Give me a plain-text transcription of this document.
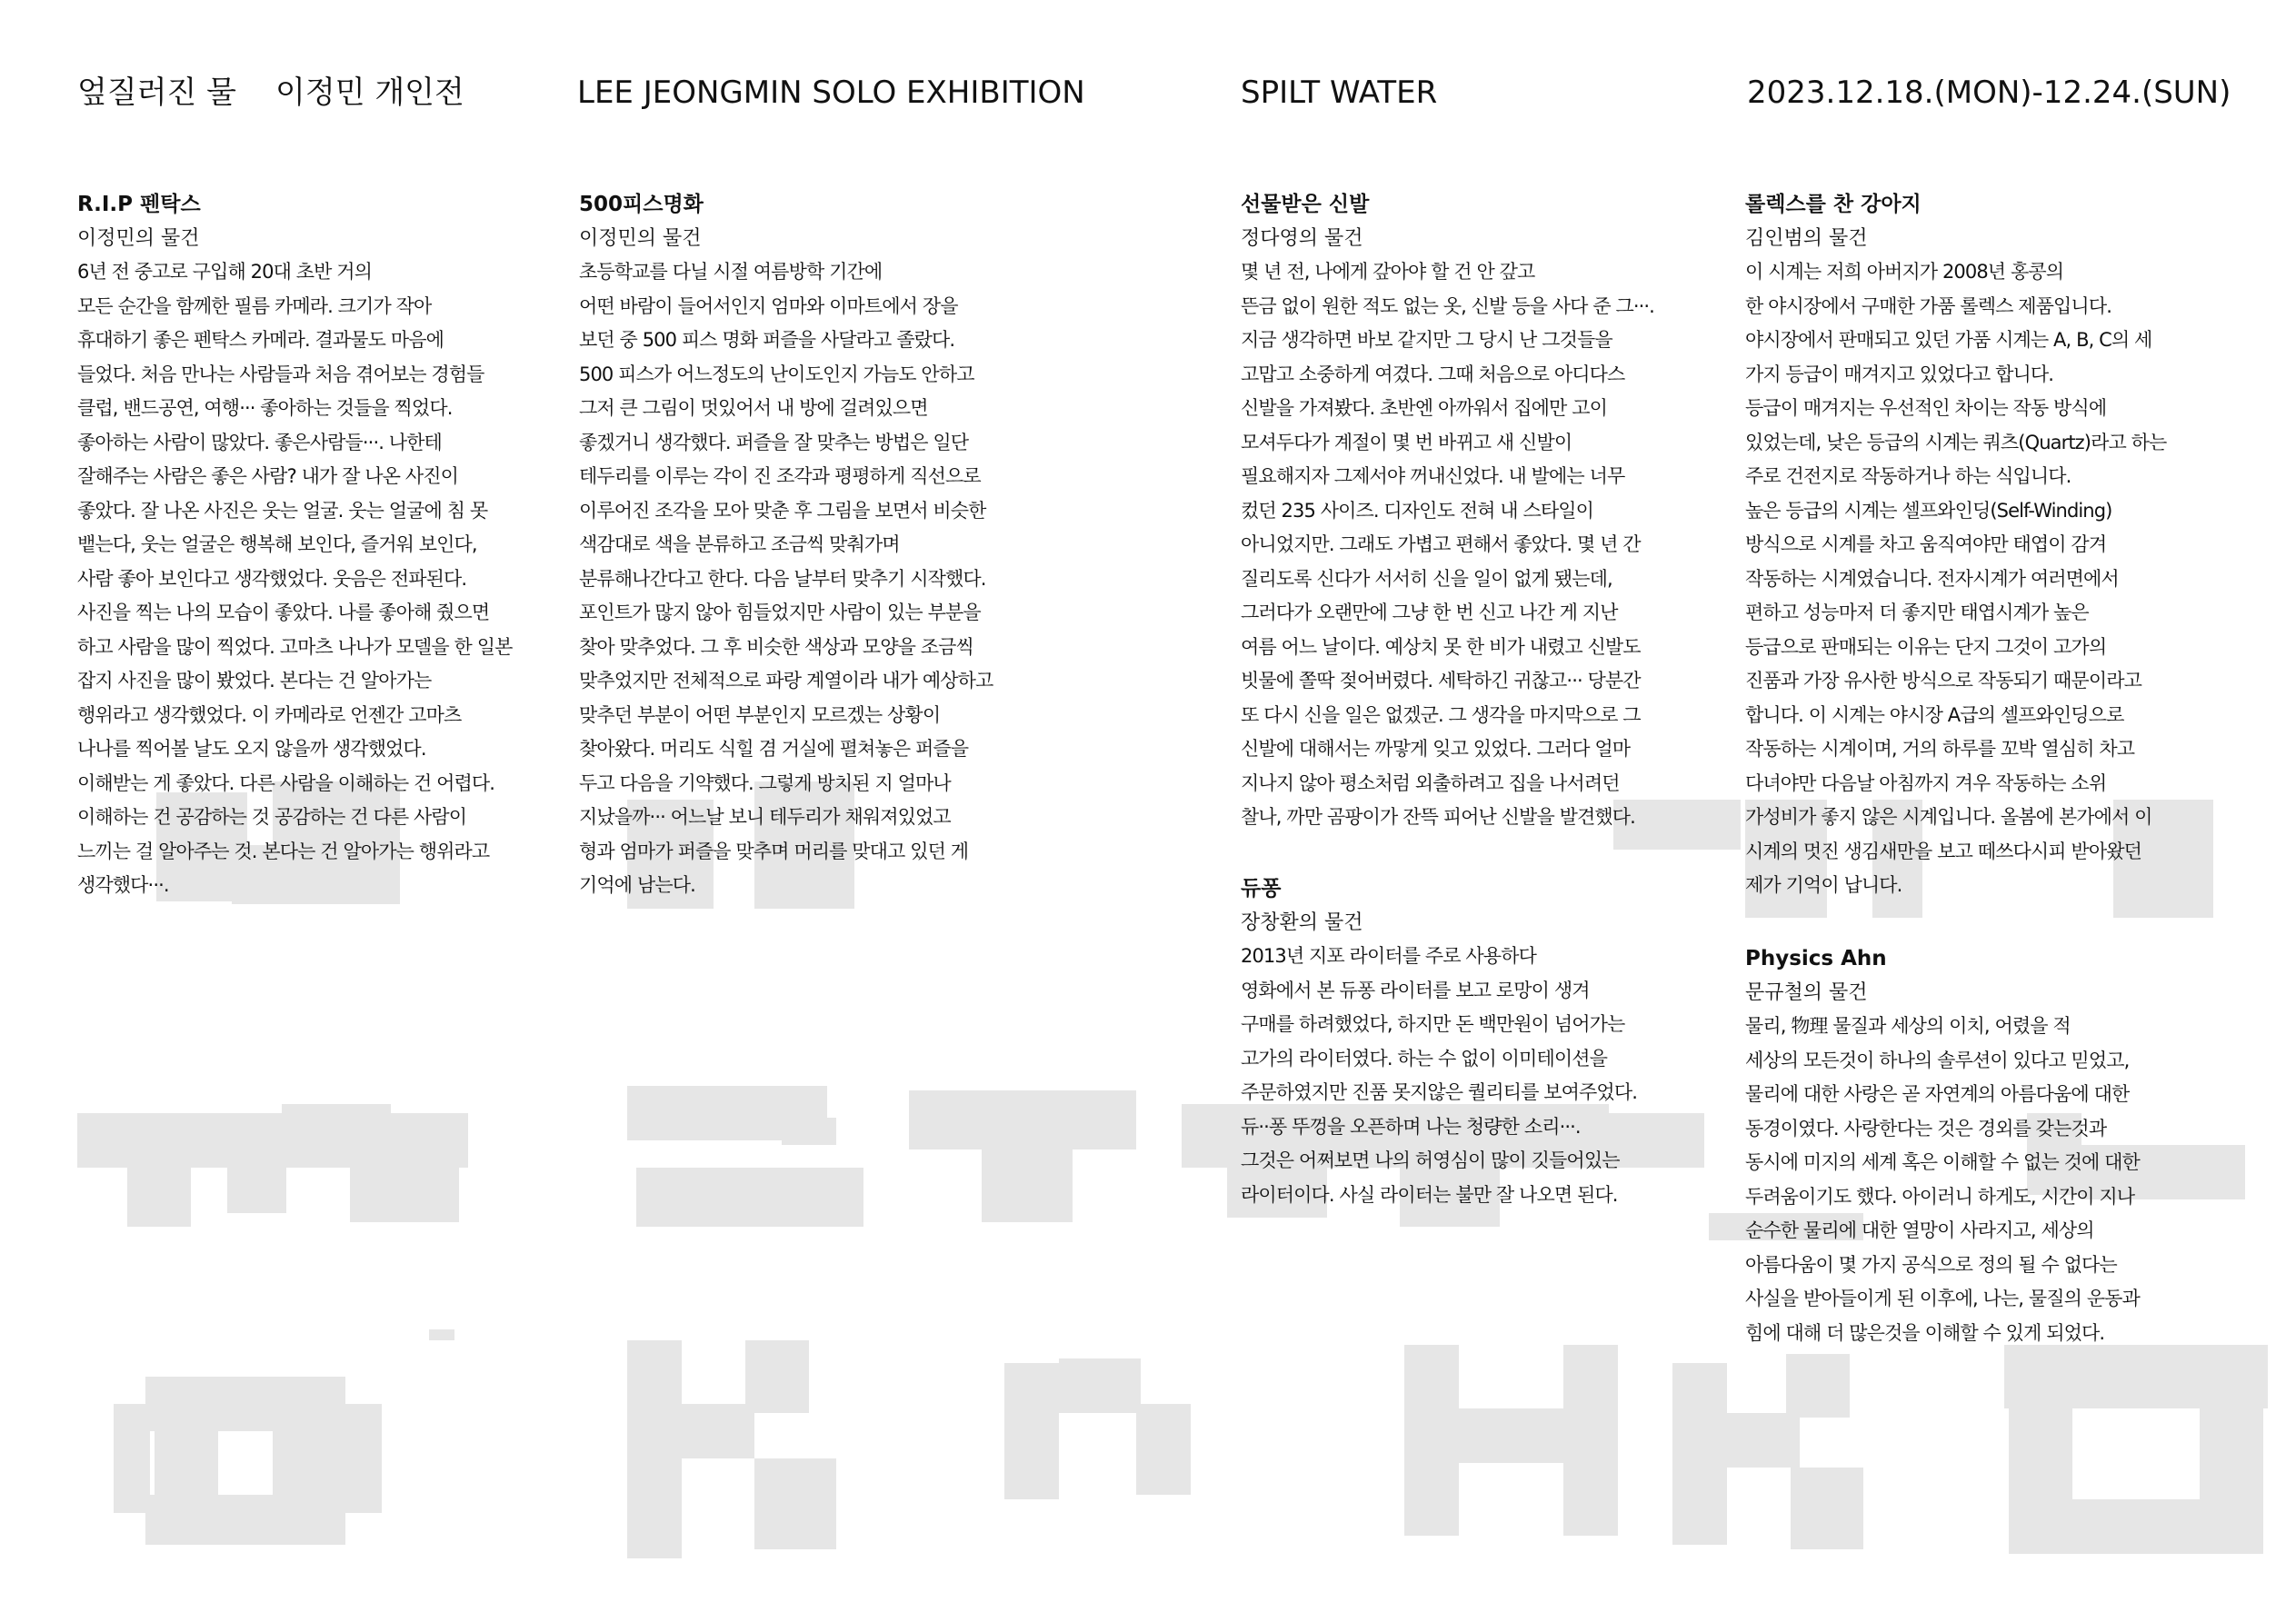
엎질러진 물 이정민 개인전	LEE JEONGMIN SOLO EXHIBITION	SPILT WATER	2023.12.18.(MON)-12.24.(SUN)

R.I.P 펜탁스

이정민의 물건

6년 전 중고로 구입해 20대 초반 거의
모든 순간을 함께한 필름 카메라. 크기가 작아
휴대하기 좋은 펜탁스 카메라. 결과물도 마음에
들었다. 처음 만나는 사람들과 처음 겪어보는 경험들
클럽, 밴드공연, 여행··· 좋아하는 것들을 찍었다.
좋아하는 사람이 많았다. 좋은사람들···. 나한테
잘해주는 사람은 좋은 사람? 내가 잘 나온 사진이
좋았다. 잘 나온 사진은 웃는 얼굴. 웃는 얼굴에 침 못
뱉는다, 웃는 얼굴은 행복해 보인다, 즐거워 보인다,
사람 좋아 보인다고 생각했었다. 웃음은 전파된다.
사진을 찍는 나의 모습이 좋았다. 나를 좋아해 줬으면
하고 사람을 많이 찍었다. 고마츠 나나가 모델을 한 일본
잡지 사진을 많이 봤었다. 본다는 건 알아가는
행위라고 생각했었다. 이 카메라로 언젠간 고마츠
나나를 찍어볼 날도 오지 않을까 생각했었다.
이해받는 게 좋았다. 다른 사람을 이해하는 건 어렵다.
이해하는 건 공감하는 것 공감하는 건 다른 사람이
느끼는 걸 알아주는 것. 본다는 건 알아가는 행위라고
생각했다···.

500피스명화

이정민의 물건

초등학교를 다닐 시절 여름방학 기간에
어떤 바람이 들어서인지 엄마와 이마트에서 장을
보던 중 500 피스 명화 퍼즐을 사달라고 졸랐다.
500 피스가 어느정도의 난이도인지 가늠도 안하고
그저 큰 그림이 멋있어서 내 방에 걸려있으면
좋겠거니 생각했다. 퍼즐을 잘 맞추는 방법은 일단
테두리를 이루는 각이 진 조각과 평평하게 직선으로
이루어진 조각을 모아 맞춘 후 그림을 보면서 비슷한
색감대로 색을 분류하고 조금씩 맞춰가며
분류해나간다고 한다. 다음 날부터 맞추기 시작했다.
포인트가 많지 않아 힘들었지만 사람이 있는 부분을
찾아 맞추었다. 그 후 비슷한 색상과 모양을 조금씩
맞추었지만 전체적으로 파랑 계열이라 내가 예상하고
맞추던 부분이 어떤 부분인지 모르겠는 상황이
찾아왔다. 머리도 식힐 겸 거실에 펼쳐놓은 퍼즐을
두고 다음을 기약했다. 그렇게 방치된 지 얼마나
지났을까··· 어느날 보니 테두리가 채워져있었고
형과 엄마가 퍼즐을 맞추며 머리를 맞대고 있던 게
기억에 남는다.

선물받은 신발

정다영의 물건

몇 년 전, 나에게 갚아야 할 건 안 갚고
뜬금 없이 원한 적도 없는 옷, 신발 등을 사다 준 그···.
지금 생각하면 바보 같지만 그 당시 난 그것들을
고맙고 소중하게 여겼다. 그때 처음으로 아디다스
신발을 가져봤다. 초반엔 아까워서 집에만 고이
모셔두다가 계절이 몇 번 바뀌고 새 신발이
필요해지자 그제서야 꺼내신었다. 내 발에는 너무
컸던 235 사이즈. 디자인도 전혀 내 스타일이
아니었지만. 그래도 가볍고 편해서 좋았다. 몇 년 간
질리도록 신다가 서서히 신을 일이 없게 됐는데,
그러다가 오랜만에 그냥 한 번 신고 나간 게 지난
여름 어느 날이다. 예상치 못 한 비가 내렸고 신발도
빗물에 쫄딱 젖어버렸다. 세탁하긴 귀찮고··· 당분간
또 다시 신을 일은 없겠군. 그 생각을 마지막으로 그
신발에 대해서는 까맣게 잊고 있었다. 그러다 얼마
지나지 않아 평소처럼 외출하려고 집을 나서려던
찰나, 까만 곰팡이가 잔뜩 피어난 신발을 발견했다.

듀퐁

장창환의 물건

2013년 지포 라이터를 주로 사용하다
영화에서 본 듀퐁 라이터를 보고 로망이 생겨
구매를 하려했었다, 하지만 돈 백만원이 넘어가는
고가의 라이터였다. 하는 수 없이 이미테이션을
주문하였지만 진품 못지않은 퀄리티를 보여주었다.
듀··퐁 뚜껑을 오픈하며 나는 청량한 소리···.
그것은 어쩌보면 나의 허영심이 많이 깃들어있는
라이터이다. 사실 라이터는 불만 잘 나오면 된다.

롤렉스를 찬 강아지

김인범의 물건

이 시계는 저희 아버지가 2008년 홍콩의
한 야시장에서 구매한 가품 롤렉스 제품입니다.
야시장에서 판매되고 있던 가품 시계는 A, B, C의 세
가지 등급이 매겨지고 있었다고 합니다.
등급이 매겨지는 우선적인 차이는 작동 방식에
있었는데, 낮은 등급의 시계는 쿼츠(Quartz)라고 하는
주로 건전지로 작동하거나 하는 식입니다.
높은 등급의 시계는 셀프와인딩(Self-Winding)
방식으로 시계를 차고 움직여야만 태엽이 감겨
작동하는 시계였습니다. 전자시계가 여러면에서
편하고 성능마저 더 좋지만 태엽시계가 높은
등급으로 판매되는 이유는 단지 그것이 고가의
진품과 가장 유사한 방식으로 작동되기 때문이라고
합니다. 이 시계는 야시장 A급의 셀프와인딩으로
작동하는 시계이며, 거의 하루를 꼬박 열심히 차고
다녀야만 다음날 아침까지 겨우 작동하는 소위
가성비가 좋지 않은 시계입니다. 올봄에 본가에서 이
시계의 멋진 생김새만을 보고 떼쓰다시피 받아왔던
제가 기억이 납니다.

Physics Ahn

문규철의 물건

물리, 物理 물질과 세상의 이치, 어렸을 적
세상의 모든것이 하나의 솔루션이 있다고 믿었고,
물리에 대한 사랑은 곧 자연계의 아름다움에 대한
동경이였다. 사랑한다는 것은 경외를 갖는것과
동시에 미지의 세계 혹은 이해할 수 없는 것에 대한
두려움이기도 했다. 아이러니 하게도, 시간이 지나
순수한 물리에 대한 열망이 사라지고, 세상의
아름다움이 몇 가지 공식으로 정의 될 수 없다는
사실을 받아들이게 된 이후에, 나는, 물질의 운동과
힘에 대해 더 많은것을 이해할 수 있게 되었다.
